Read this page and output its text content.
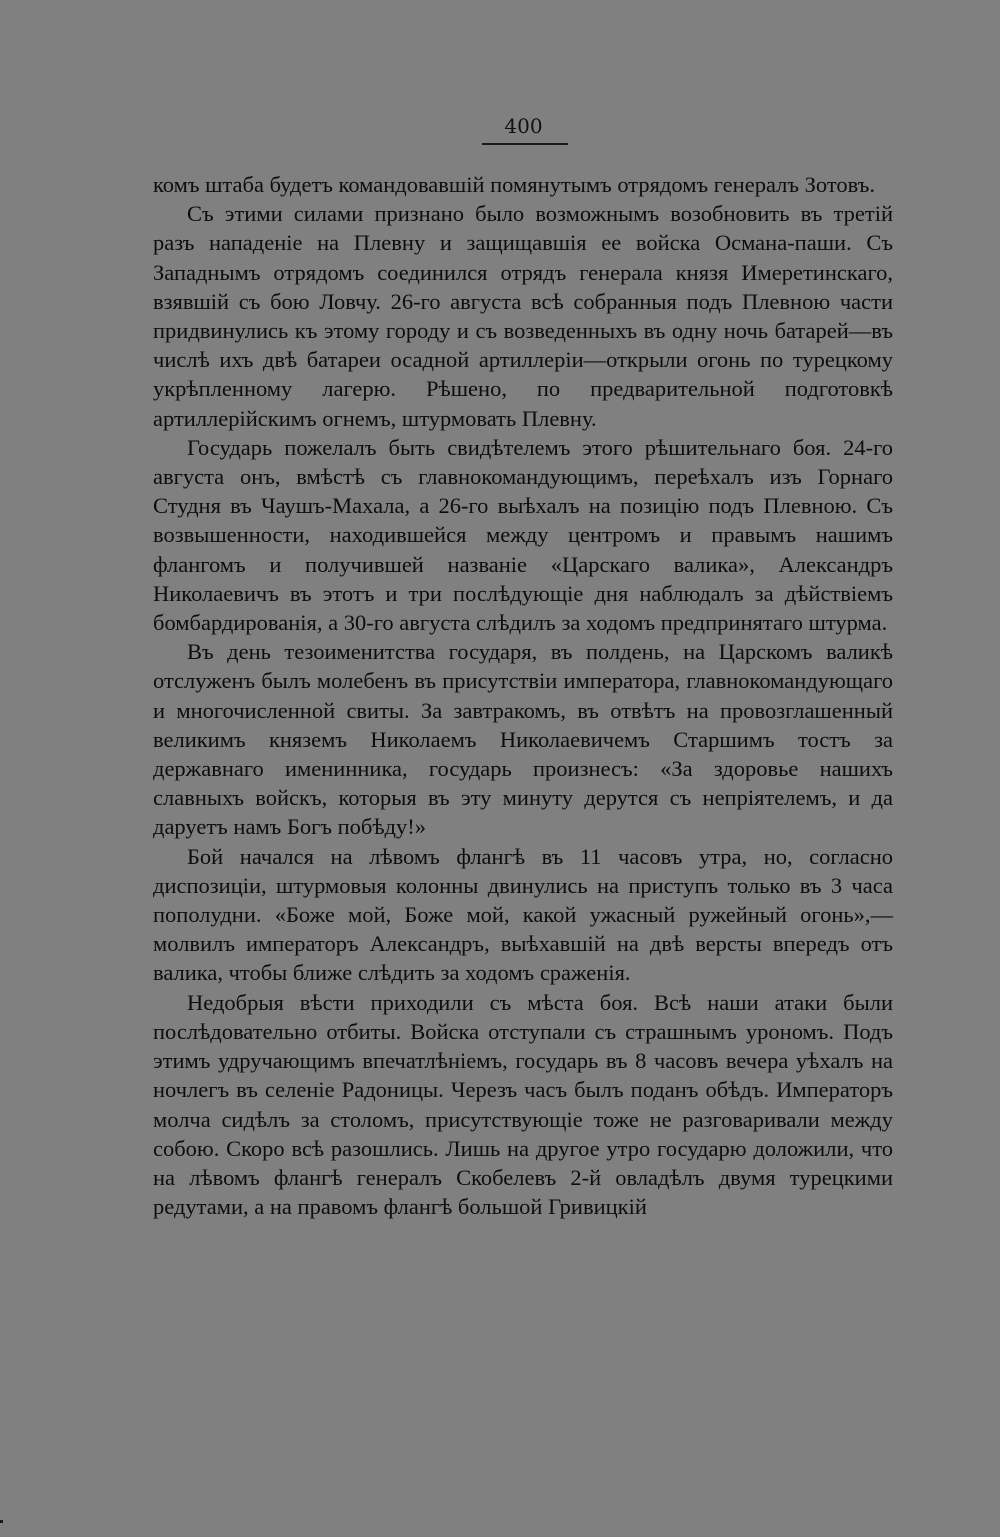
400

комъ штаба будетъ командовавшій помянутымъ отрядомъ генералъ Зотовъ.

Съ этими силами признано было возможнымъ возобновить въ третій разъ нападеніе на Плевну и защищавшія ее войска Османа-паши. Съ Западнымъ отрядомъ соединился отрядъ генерала князя Имеретинскаго, взявшій съ бою Ловчу. 26-го августа всѣ собранныя подъ Плевною части придвинулись къ этому городу и съ возведенныхъ въ одну ночь батарей—въ числѣ ихъ двѣ батареи осадной артиллеріи—открыли огонь по турецкому укрѣпленному лагерю. Рѣшено, по предварительной подготовкѣ артиллерійскимъ огнемъ, штурмовать Плевну.

Государь пожелалъ быть свидѣтелемъ этого рѣшительнаго боя. 24-го августа онъ, вмѣстѣ съ главнокомандующимъ, переѣхалъ изъ Горнаго Студня въ Чаушъ-Махала, а 26-го выѣхалъ на позицію подъ Плевною. Съ возвышенности, находившейся между центромъ и правымъ нашимъ флангомъ и получившей названіе «Царскаго валика», Александръ Николаевичъ въ этотъ и три послѣдующіе дня наблюдалъ за дѣйствіемъ бомбардированія, а 30-го августа слѣдилъ за ходомъ предпринятаго штурма.

Въ день тезоименитства государя, въ полдень, на Царскомъ валикѣ отслуженъ былъ молебенъ въ присутствіи императора, главнокомандующаго и многочисленной свиты. За завтракомъ, въ отвѣтъ на провозглашенный великимъ княземъ Николаемъ Николаевичемъ Старшимъ тостъ за державнаго именинника, государь произнесъ: «За здоровье нашихъ славныхъ войскъ, которыя въ эту минуту дерутся съ непріятелемъ, и да даруетъ намъ Богъ побѣду!»

Бой начался на лѣвомъ флангѣ въ 11 часовъ утра, но, согласно диспозиціи, штурмовыя колонны двинулись на приступъ только въ 3 часа пополудни. «Боже мой, Боже мой, какой ужасный ружейный огонь»,—молвилъ императоръ Александръ, выѣхавшій на двѣ версты впередъ отъ валика, чтобы ближе слѣдить за ходомъ сраженія.

Недобрыя вѣсти приходили съ мѣста боя. Всѣ наши атаки были послѣдовательно отбиты. Войска отступали съ страшнымъ урономъ. Подъ этимъ удручающимъ впечатлѣніемъ, государь въ 8 часовъ вечера уѣхалъ на ночлегъ въ селеніе Радоницы. Черезъ часъ былъ поданъ обѣдъ. Императоръ молча сидѣлъ за столомъ, присутствующіе тоже не разговаривали между собою. Скоро всѣ разошлись. Лишь на другое утро государю доложили, что на лѣвомъ флангѣ генералъ Скобелевъ 2-й овладѣлъ двумя турецкими редутами, а на правомъ флангѣ большой Гривицкій
